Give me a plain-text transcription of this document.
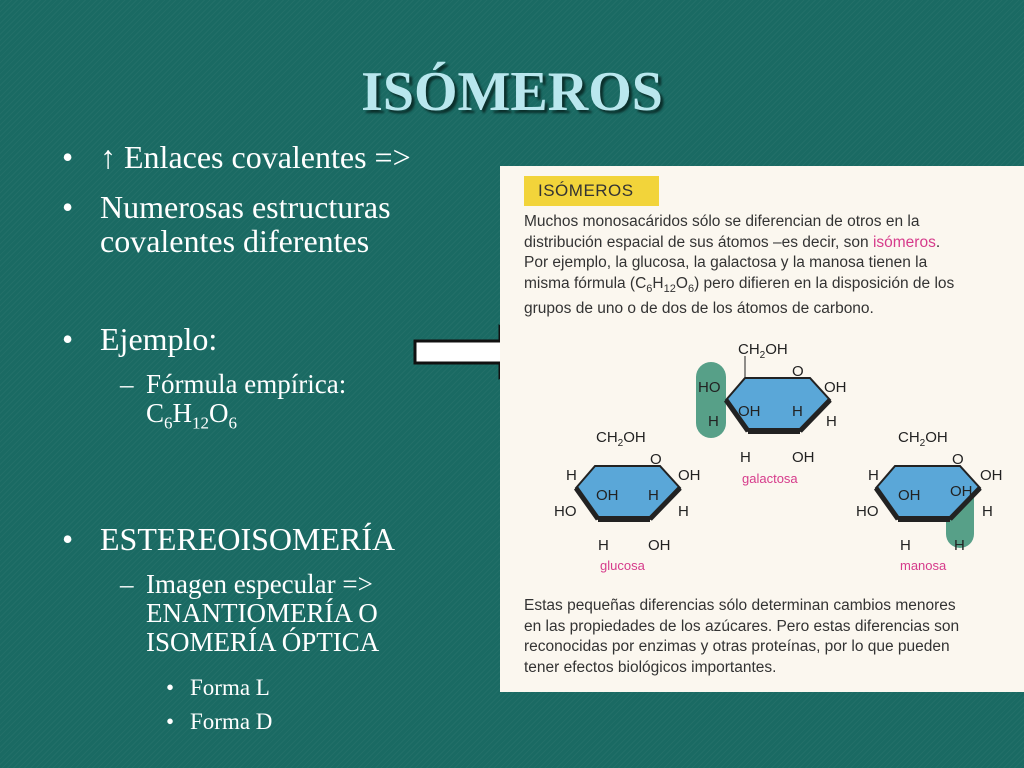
ISÓMEROS
• ↑ Enlaces covalentes =>
• Numerosas estructuras
covalentes diferentes
• Ejemplo:
– Fórmula empírica:
$C_6H_{12}O_6$
• ESTEREOISOMERÍA
– Imagen especular =>
ENANTIOMERÍA O
ISOMERÍA ÓPTICA
• Forma L
• Forma D
ISÓMEROS
Muchos monosacáridos sólo se diferencian de otros en la
distribución espacial de sus átomos –es decir, son isómeros.
Por ejemplo, la glucosa, la galactosa y la manosa tienen la
misma fórmula $(C_6H_{12}O_6)$ pero difieren en la disposición de los
grupos de uno o de dos de los átomos de carbono.
$CH_2OH$
O
OH
H
HO
H
OH H
H	OH
galactosa
$CH_2OH$
O
OH
H
H
HO
OH H
H	OH
glucosa
$CH_2OH$
O
OH
H
H
HO
OH OH
H	H
manosa
Estas pequeñas diferencias sólo determinan cambios menores
en las propiedades de los azúcares. Pero estas diferencias son
reconocidas por enzimas y otras proteínas, por lo que pueden
tener efectos biológicos importantes.
